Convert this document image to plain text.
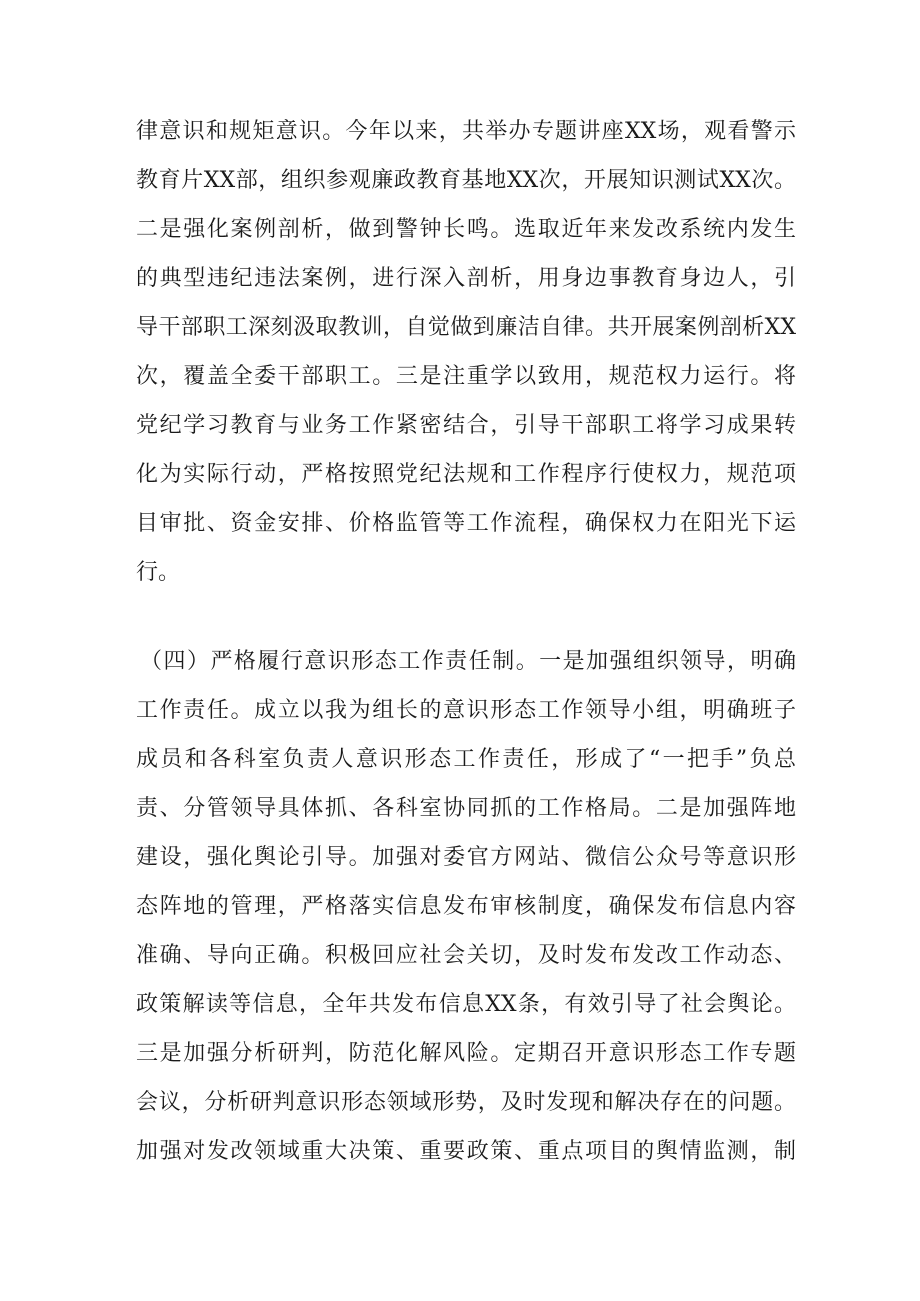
律意识和规矩意识。今年以来，共举办专题讲座XX场，观看警示
教育片XX部，组织参观廉政教育基地XX次，开展知识测试XX次。
二是强化案例剖析，做到警钟长鸣。选取近年来发改系统内发生
的典型违纪违法案例，进行深入剖析，用身边事教育身边人，引
导干部职工深刻汲取教训，自觉做到廉洁自律。共开展案例剖析XX
次，覆盖全委干部职工。三是注重学以致用，规范权力运行。将
党纪学习教育与业务工作紧密结合，引导干部职工将学习成果转
化为实际行动，严格按照党纪法规和工作程序行使权力，规范项
目审批、资金安排、价格监管等工作流程，确保权力在阳光下运
行。
（四）严格履行意识形态工作责任制。一是加强组织领导，明确
工作责任。成立以我为组长的意识形态工作领导小组，明确班子
成员和各科室负责人意识形态工作责任，形成了“一把手”负总
责、分管领导具体抓、各科室协同抓的工作格局。二是加强阵地
建设，强化舆论引导。加强对委官方网站、微信公众号等意识形
态阵地的管理，严格落实信息发布审核制度，确保发布信息内容
准确、导向正确。积极回应社会关切，及时发布发改工作动态、
政策解读等信息，全年共发布信息XX条，有效引导了社会舆论。
三是加强分析研判，防范化解风险。定期召开意识形态工作专题
会议，分析研判意识形态领域形势，及时发现和解决存在的问题。
加强对发改领域重大决策、重要政策、重点项目的舆情监测，制
